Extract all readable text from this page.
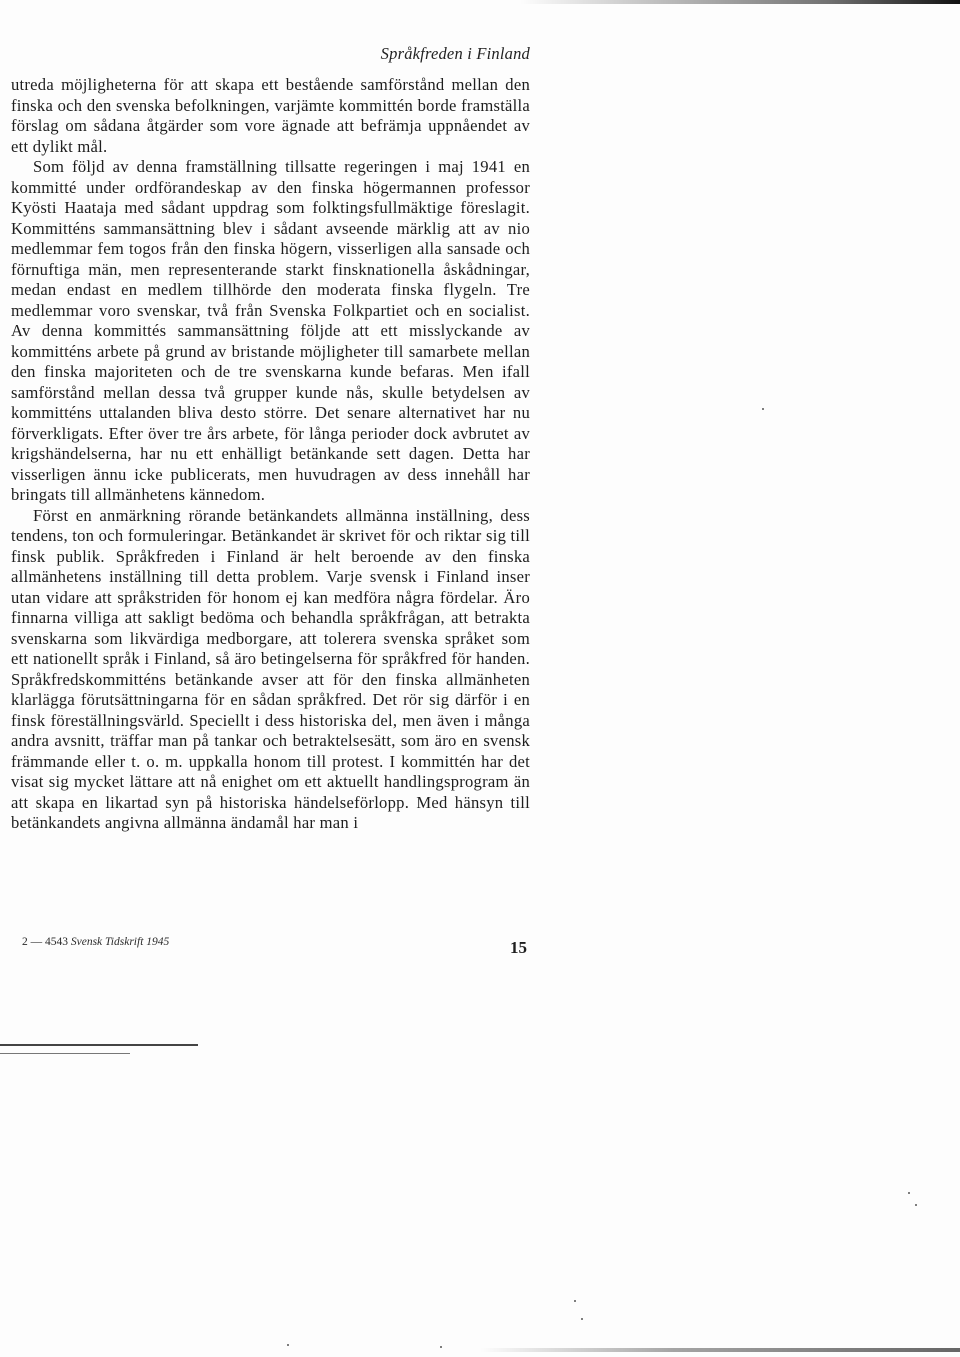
Språkfreden i Finland

utreda möjligheterna för att skapa ett bestående samförstånd mellan den finska och den svenska befolkningen, varjämte kommittén borde framställa förslag om sådana åtgärder som vore ägnade att befrämja uppnåendet av ett dylikt mål.

Som följd av denna framställning tillsatte regeringen i maj 1941 en kommitté under ordförandeskap av den finska högermannen professor Kyösti Haataja med sådant uppdrag som folktingsfullmäktige föreslagit. Kommitténs sammansättning blev i sådant avseende märklig att av nio medlemmar fem togos från den finska högern, visserligen alla sansade och förnuftiga män, men representerande starkt finsknationella åskådningar, medan endast en medlem tillhörde den moderata finska flygeln. Tre medlemmar voro svenskar, två från Svenska Folkpartiet och en socialist. Av denna kommittés sammansättning följde att ett misslyckande av kommitténs arbete på grund av bristande möjligheter till samarbete mellan den finska majoriteten och de tre svenskarna kunde befaras. Men ifall samförstånd mellan dessa två grupper kunde nås, skulle betydelsen av kommitténs uttalanden bliva desto större. Det senare alternativet har nu förverkligats. Efter över tre års arbete, för långa perioder dock avbrutet av krigshändelserna, har nu ett enhälligt betänkande sett dagen. Detta har visserligen ännu icke publicerats, men huvudragen av dess innehåll har bringats till allmänhetens kännedom.

Först en anmärkning rörande betänkandets allmänna inställning, dess tendens, ton och formuleringar. Betänkandet är skrivet för och riktar sig till finsk publik. Språkfreden i Finland är helt beroende av den finska allmänhetens inställning till detta problem. Varje svensk i Finland inser utan vidare att språkstriden för honom ej kan medföra några fördelar. Äro finnarna villiga att sakligt bedöma och behandla språkfrågan, att betrakta svenskarna som likvärdiga medborgare, att tolerera svenska språket som ett nationellt språk i Finland, så äro betingelserna för språkfred för handen. Språkfredskommitténs betänkande avser att för den finska allmänheten klarlägga förutsättningarna för en sådan språkfred. Det rör sig därför i en finsk föreställningsvärld. Speciellt i dess historiska del, men även i många andra avsnitt, träffar man på tankar och betraktelsesätt, som äro en svensk främmande eller t. o. m. uppkalla honom till protest. I kommittén har det visat sig mycket lättare att nå enighet om ett aktuellt handlingsprogram än att skapa en likartad syn på historiska händelseförlopp. Med hänsyn till betänkandets angivna allmänna ändamål har man i

2 — 4543 Svensk Tidskrift 1945	15
